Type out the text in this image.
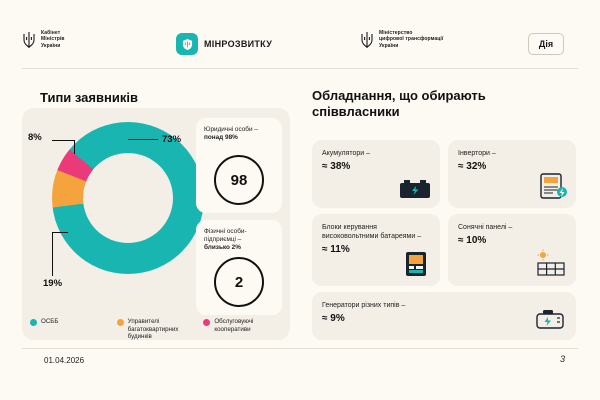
Кабінет
Міністрів
України	МІНРОЗВИТКУ
Міністерство
цифрової трансформації
України	Дія
Типи заявників
73%
8%
19%
ОСББ	Управителі багатоквартирних будинків
Обслуговуючі кооперативи
Юридичні особи –
понад 98%
98
Фізичні особи-підприємці –
близько 2%
2
Обладнання, що обирають співвласники
Акумулятори –
≈ 38%
Інвертори –
≈ 32%
Блоки керування високовольтними батареями –
≈ 11%
Сонячні панелі –
≈ 10%
Генератори різних типів –
≈ 9%
01.04.2026	3
